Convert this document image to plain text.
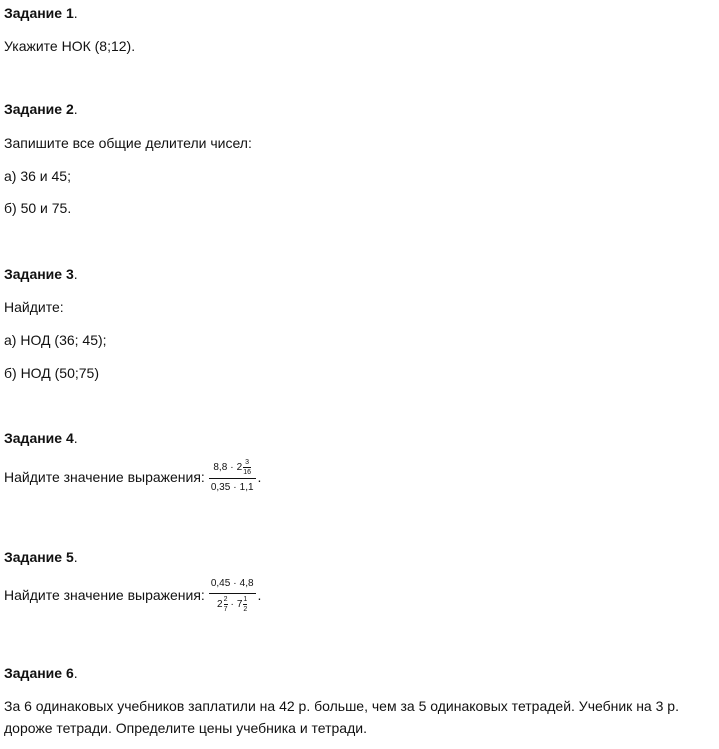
Задание 1.
Укажите НОК (8;12).
Задание 2.
Запишите все общие делители чисел:
а) 36 и 45;
б) 50 и 75.
Задание 3.
Найдите:
а) НОД (36; 45);
б) НОД (50;75)
Задание 4.
Найдите значение выражения: 8,8 · 2 3
16
0,35 · 1,1 .
Задание 5.
Найдите значение выражения:
0,45 · 4,8
2 2
7 · 7 1
2
.
Задание 6.
За 6 одинаковых учебников заплатили на 42 р. больше, чем за 5 одинаковых тетрадей. Учебник на 3 р. дороже тетради. Определите цены учебника и тетради.
